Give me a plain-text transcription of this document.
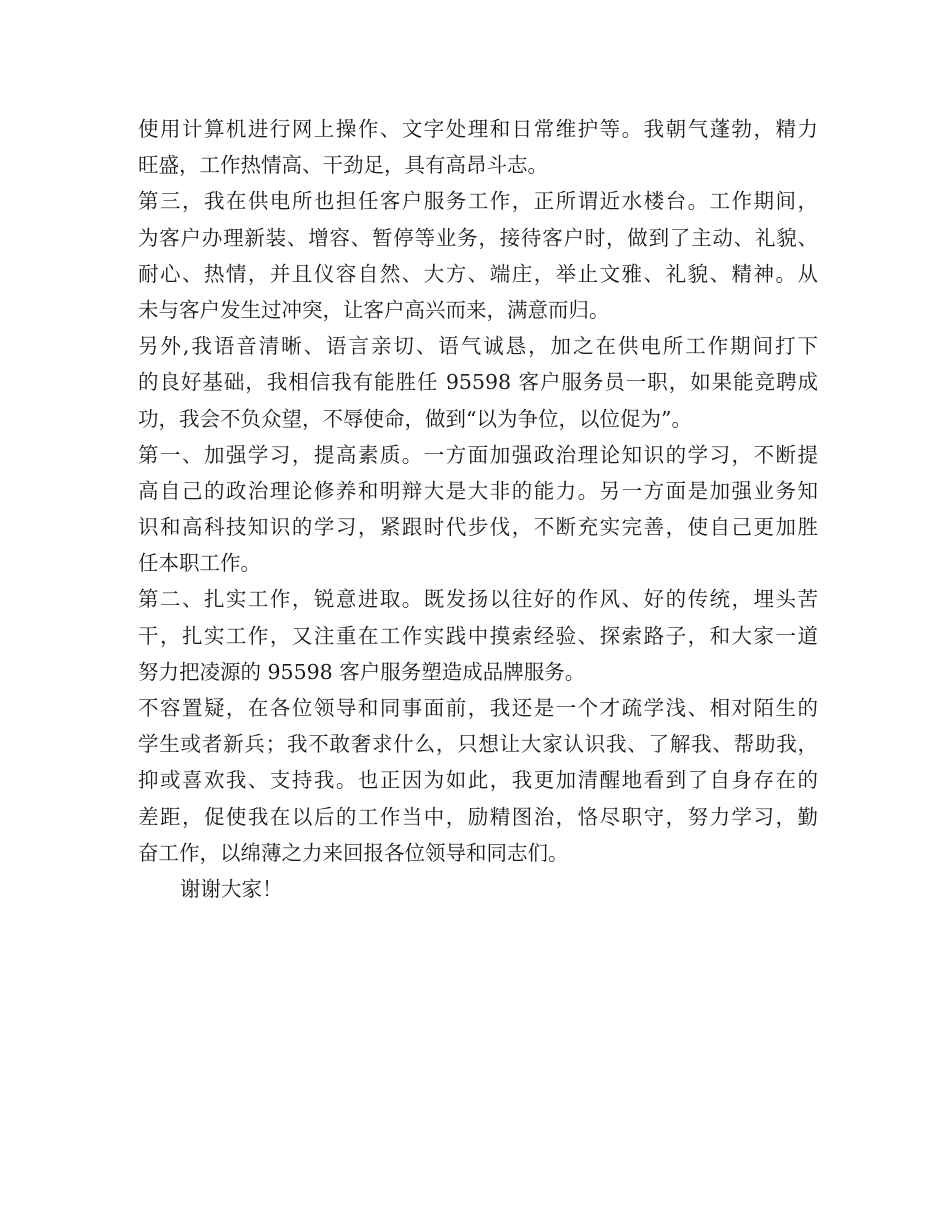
使用计算机进行网上操作、文字处理和日常维护等。我朝气蓬勃，精力
旺盛，工作热情高、干劲足，具有高昂斗志。
第三，我在供电所也担任客户服务工作，正所谓近水楼台。工作期间，
为客户办理新装、增容、暂停等业务，接待客户时，做到了主动、礼貌、
耐心、热情，并且仪容自然、大方、端庄，举止文雅、礼貌、精神。从
未与客户发生过冲突，让客户高兴而来，满意而归。
另外,我语音清晰、语言亲切、语气诚恳，加之在供电所工作期间打下
的良好基础，我相信我有能胜任 95598 客户服务员一职，如果能竞聘成
功，我会不负众望，不辱使命，做到“以为争位，以位促为”。
第一、加强学习，提高素质。一方面加强政治理论知识的学习，不断提
高自己的政治理论修养和明辩大是大非的能力。另一方面是加强业务知
识和高科技知识的学习，紧跟时代步伐，不断充实完善，使自己更加胜
任本职工作。
第二、扎实工作，锐意进取。既发扬以往好的作风、好的传统，埋头苦
干，扎实工作，又注重在工作实践中摸索经验、探索路子，和大家一道
努力把凌源的 95598 客户服务塑造成品牌服务。
不容置疑，在各位领导和同事面前，我还是一个才疏学浅、相对陌生的
学生或者新兵；我不敢奢求什么，只想让大家认识我、了解我、帮助我，
抑或喜欢我、支持我。也正因为如此，我更加清醒地看到了自身存在的
差距，促使我在以后的工作当中，励精图治，恪尽职守，努力学习，勤
奋工作，以绵薄之力来回报各位领导和同志们。
谢谢大家！
